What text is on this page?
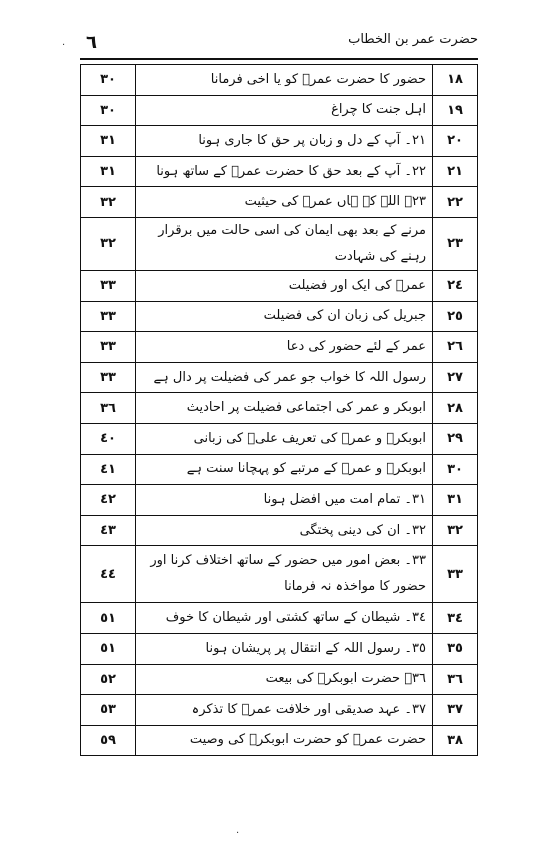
٦	حضرت عمر بن الخطاب
١٨	حضور کا حضرت عمرؓ کو یا اخی فرمانا	٣٠
١٩	اہل جنت کا چراغ	٣٠
٢٠	٢١۔ آپ کے دل و زبان پر حق کا جاری ہونا	٣١
٢١	٢٢۔ آپ کے بعد حق کا حضرت عمرؓ کے ساتھ ہونا	٣١
٢٢	٢٣۔ اللہ کے ہاں عمرؓ کی حیثیت	٣٢
٢٣	مرنے کے بعد بھی ایمان کی اسی حالت میں برقرار رہنے کی شہادت	٣٢
٢٤	عمرؓ کی ایک اور فضیلت	٣٣
٢٥	جبریل کی زبان ان کی فضیلت	٣٣
٢٦	عمر کے لئے حضور کی دعا	٣٣
٢٧	رسول اللہ کا خواب جو عمر کی فضیلت پر دال ہے	٣٣
٢٨	ابوبکر و عمر کی اجتماعی فضیلت پر احادیث	٣٦
٢٩	ابوبکرؓ و عمرؓ کی تعریف علیؓ کی زبانی	٤٠
٣٠	ابوبکرؓ و عمرؓ کے مرتبے کو پہچانا سنت ہے	٤١
٣١	٣١۔ تمام امت میں افضل ہونا	٤٢
٣٢	٣٢۔ ان کی دینی پختگی	٤٣
٣٣	٣٣۔ بعض امور میں حضور کے ساتھ اختلاف کرنا اور حضور کا مواخذہ نہ فرمانا	٤٤
٣٤	٣٤۔ شیطان کے ساتھ کشتی اور شیطان کا خوف	٥١
٣٥	٣٥۔ رسول اللہ کے انتقال پر پریشان ہونا	٥١
٣٦	٣٦۔ حضرت ابوبکرؓ کی بیعت	٥٢
٣٧	٣٧۔ عہد صدیقی اور خلافت عمرؓ کا تذکرہ	٥٣
٣٨	حضرت عمرؓ کو حضرت ابوبکرؓ کی وصیت	٥٩
·
·
